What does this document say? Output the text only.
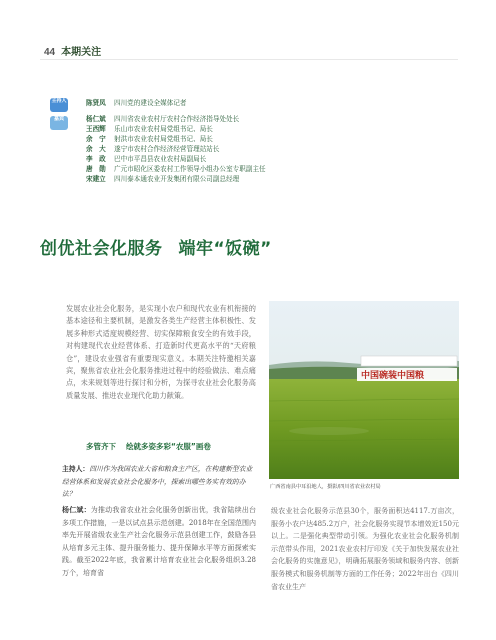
44 本期关注
主持人
嘉宾
陈贤凤	四川党的建设全媒体记者
杨仁斌	四川省农业农村厅农村合作经济指导处处长
王西辉	乐山市农业农村局党组书记、局长
余　宁	射洪市农业农村局党组书记、局长
余　大	遂宁市农村合作经济经营管理站站长
李　政	巴中市平昌县农业农村局副局长
唐　勋	广元市昭化区委农村工作领导小组办公室专职副主任
宋建立	四川泰本通农业开发集团有限公司副总经理
创优社会化服务 端牢“饭碗”

发展农业社会化服务，是实现小农户和现代农业有机衔接的基本途径和主要机制，是激发各类生产经营主体积极性、发展多种形式适度规模经营、切实保障粮食安全的有效手段，对构建现代农业经营体系、打造新时代更高水平的“天府粮仓”，建设农业强省有重要现实意义。本期关注特邀相关嘉宾，聚焦省农业社会化服务推进过程中的经验做法、难点痛点，未来规划等进行探讨和分析，为探寻农业社会化服务高质量发展、推进农业现代化助力献策。

中国碗装中国粮
广西省南县中耳沿地人，摄影/四川省农业农村局
多管齐下 绘就多姿多彩“农服”画卷

主持人：四川作为我国农业大省和粮食主产区，在构建新型农业经营体系和发展农业社会化服务中，探索出哪些务实有效的办法？

杨仁斌：为推动我省农业社会化服务创新出优，我省陆续出台多项工作措施，一是以试点县示范创建。2018年在全国范围内率先开展省级农业生产社会化服务示范县创建工作，鼓励各县从培育多元主体、提升服务能力、提升保障水平等方面探索实践。截至2022年底，我省累计培育农业社会化服务组织3.28万个，培育省

级农业社会化服务示范县30个，服务面积达4117.万亩次，服务小农户达485.2万户，社会化服务实现节本增效近150元以上。二是强化典型带动引领。为强化农业社会化服务机制示范带头作用，2021农业农村厅印发《关于加快发展农业社会化服务的实施意见》，明确拓展服务领域和服务内容、创新服务模式和服务机制等方面的工作任务；2022年出台《四川省农业生产
